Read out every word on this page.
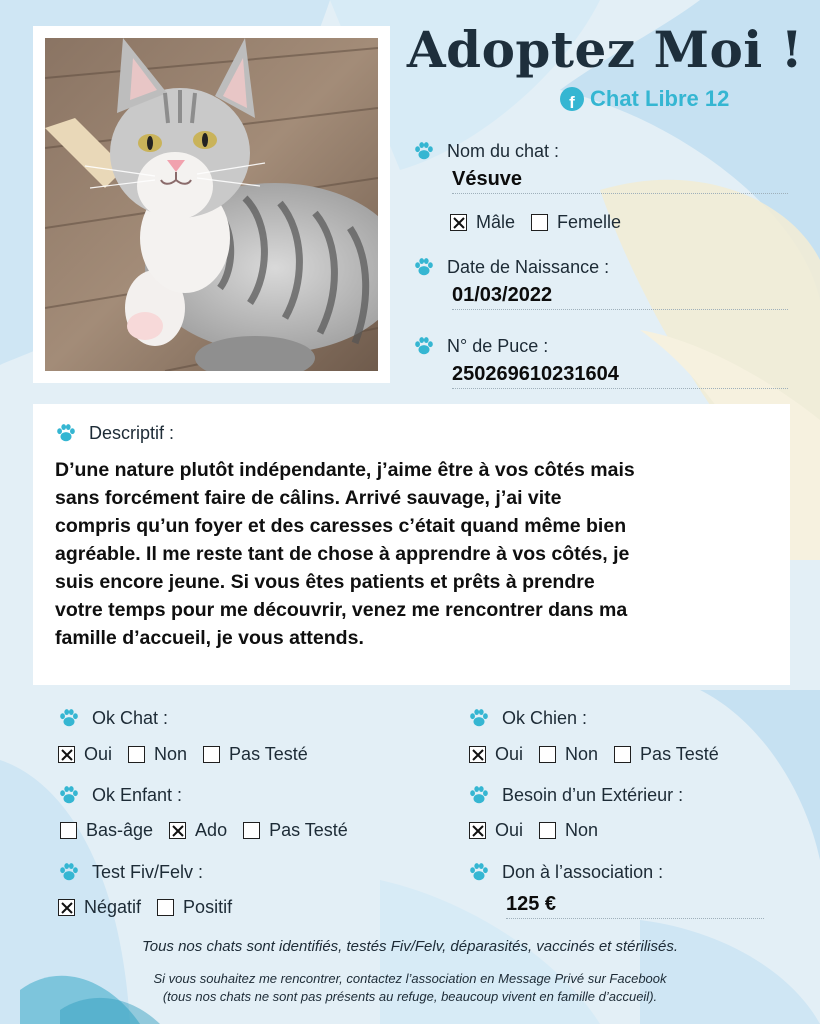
Adoptez Moi !
f Chat Libre 12
Nom du chat :
Vésuve
Mâle Femelle
Date de Naissance :
01/03/2022
N° de Puce :
250269610231604
Descriptif :
D’une nature plutôt indépendante, j’aime être à vos côtés mais
sans forcément faire de câlins. Arrivé sauvage, j’ai vite
compris qu’un foyer et des caresses c’était quand même bien
agréable. Il me reste tant de chose à apprendre à vos côtés, je
suis encore jeune. Si vous êtes patients et prêts à prendre
votre temps pour me découvrir, venez me rencontrer dans ma
famille d’accueil, je vous attends.
Ok Chat :
Oui Non Pas Testé
Ok Chien :
Oui Non Pas Testé
Ok Enfant :
Bas-âge Ado Pas Testé
Besoin d’un Extérieur :
Oui Non
Test Fiv/Felv :
Négatif Positif
Don à l’association :
125 €
Tous nos chats sont identifiés, testés Fiv/Felv, déparasités, vaccinés et stérilisés.
Si vous souhaitez me rencontrer, contactez l’association en Message Privé sur Facebook
(tous nos chats ne sont pas présents au refuge, beaucoup vivent en famille d’accueil).
